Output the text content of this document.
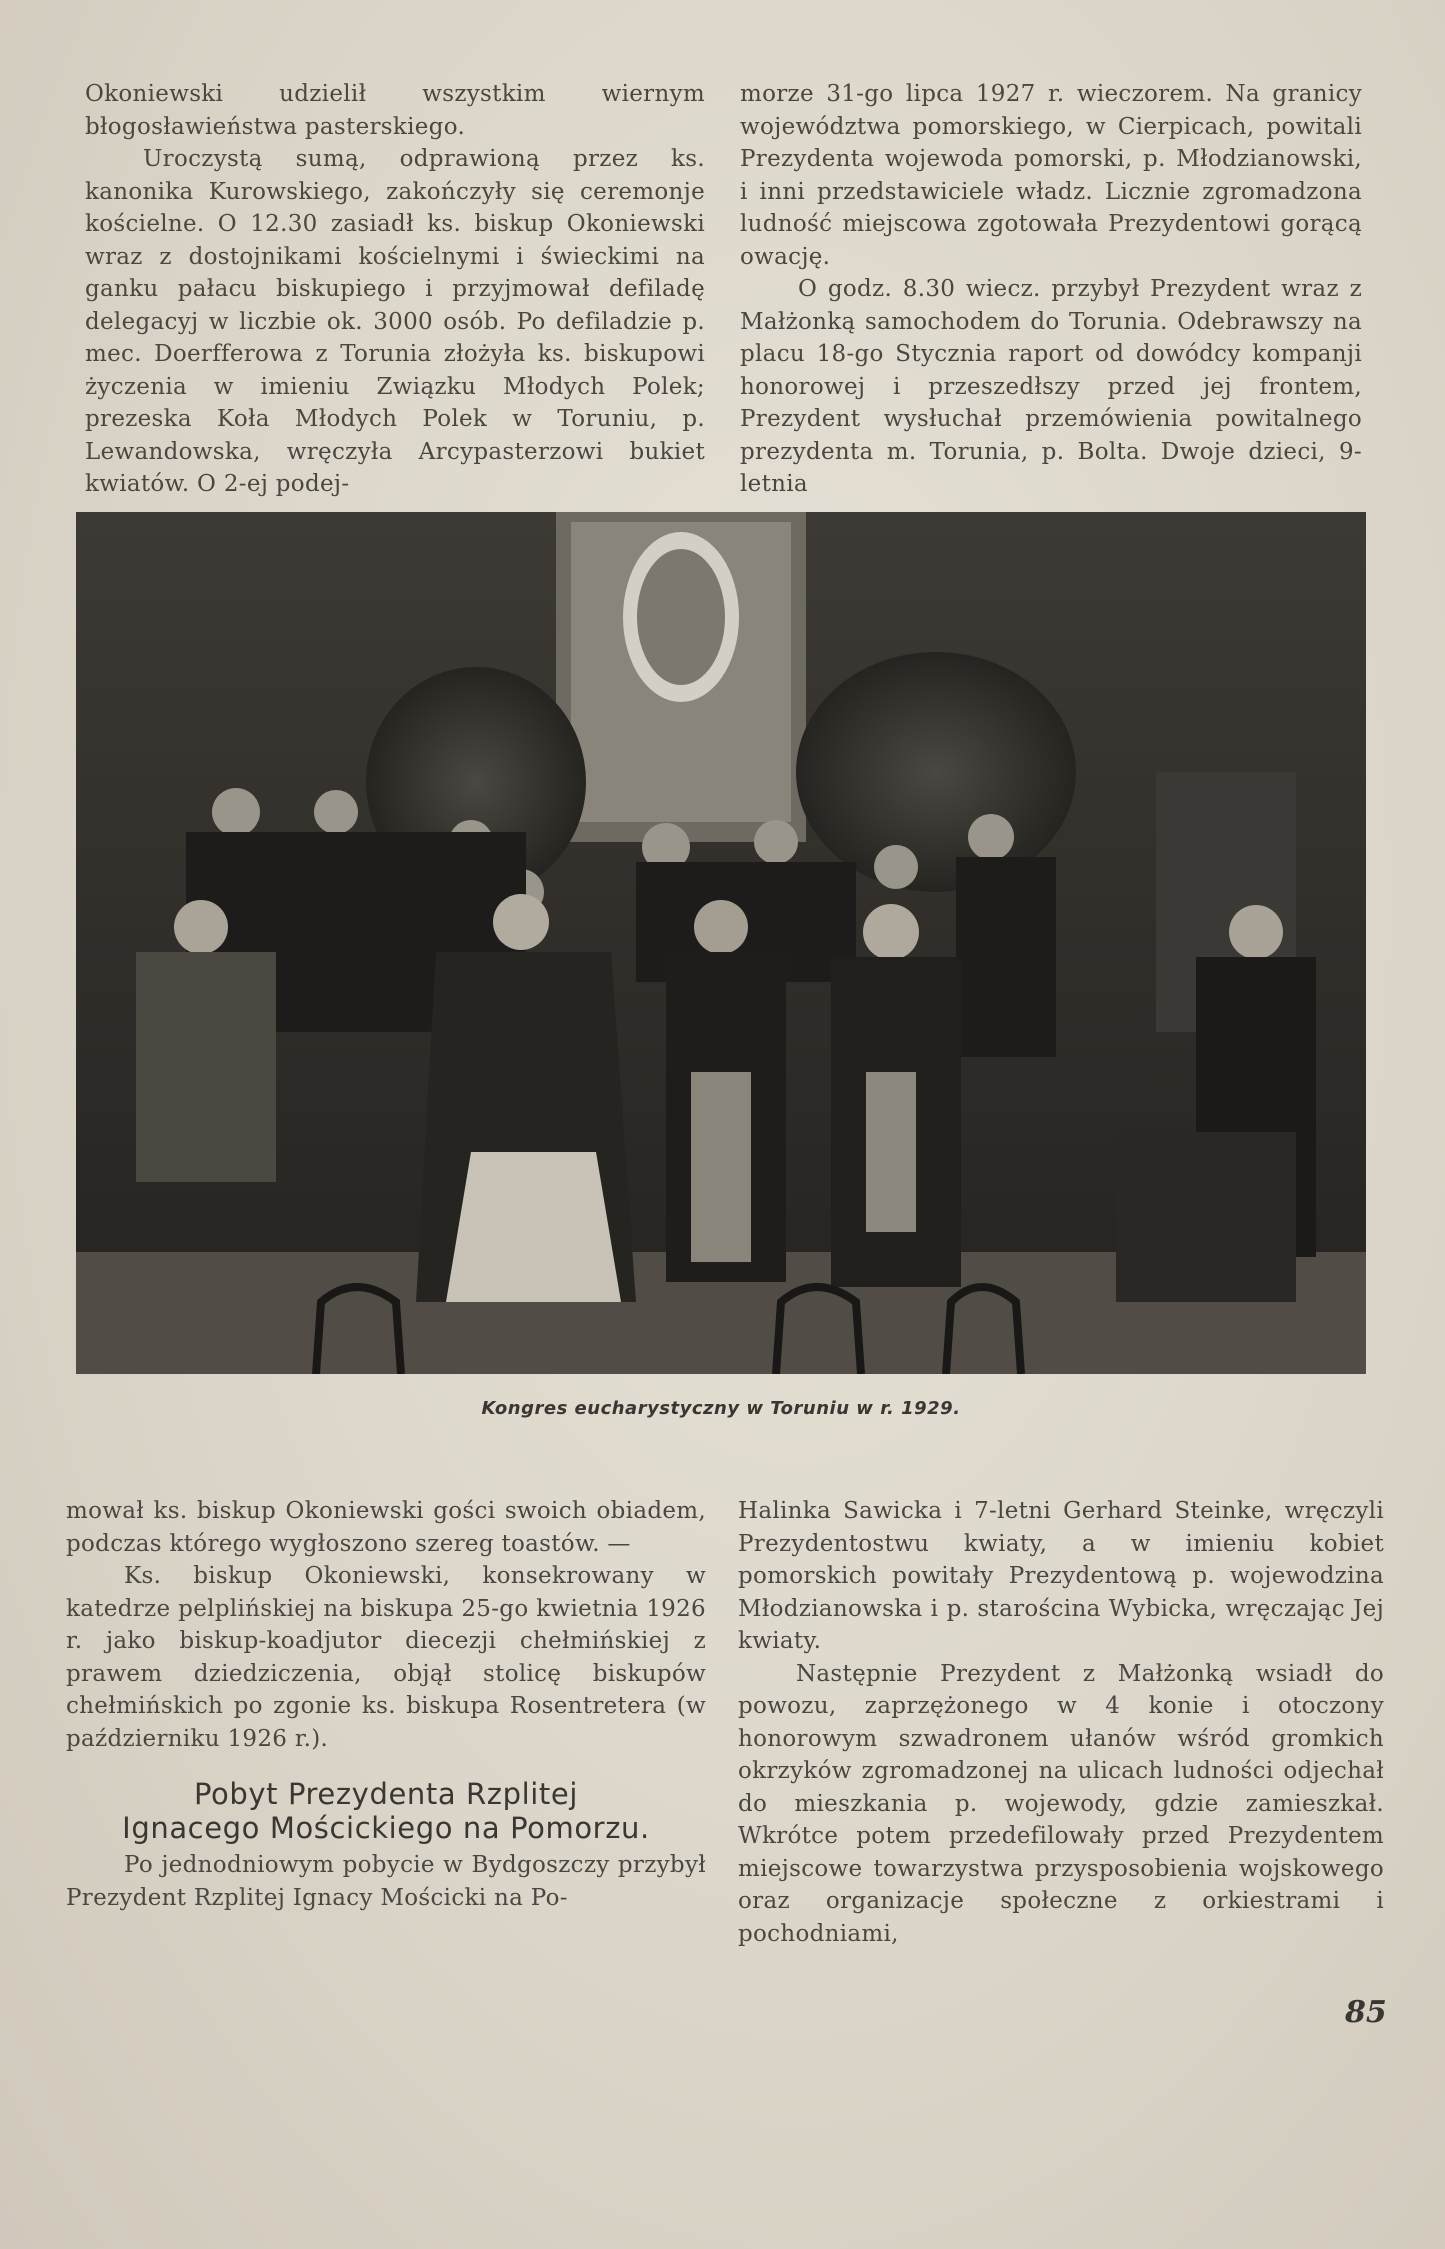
Okoniewski udzielił wszystkim wiernym błogosławieństwa pasterskiego.

Uroczystą sumą, odprawioną przez ks. kanonika Kurowskiego, zakończyły się ceremonje kościelne. O 12.30 zasiadł ks. biskup Okoniewski wraz z dostojnikami kościelnymi i świeckimi na ganku pałacu biskupiego i przyjmował defiladę delegacyj w liczbie ok. 3000 osób. Po defiladzie p. mec. Doerfferowa z Torunia złożyła ks. biskupowi życzenia w imieniu Związku Młodych Polek; prezeska Koła Młodych Polek w Toruniu, p. Lewandowska, wręczyła Arcypasterzowi bukiet kwiatów. O 2-ej podej-

morze 31-go lipca 1927 r. wieczorem. Na granicy województwa pomorskiego, w Cierpicach, powitali Prezydenta wojewoda pomorski, p. Młodzianowski, i inni przedstawiciele władz. Licznie zgromadzona ludność miejscowa zgotowała Prezydentowi gorącą owację.

O godz. 8.30 wiecz. przybył Prezydent wraz z Małżonką samochodem do Torunia. Odebrawszy na placu 18-go Stycznia raport od dowódcy kompanji honorowej i przeszedłszy przed jej frontem, Prezydent wysłuchał przemówienia powitalnego prezydenta m. Torunia, p. Bolta. Dwoje dzieci, 9-letnia

Kongres eucharystyczny w Toruniu w r. 1929.

mował ks. biskup Okoniewski gości swoich obiadem, podczas którego wygłoszono szereg toastów. —

Ks. biskup Okoniewski, konsekrowany w katedrze pelplińskiej na biskupa 25-go kwietnia 1926 r. jako biskup-koadjutor diecezji chełmińskiej z prawem dziedziczenia, objął stolicę biskupów chełmińskich po zgonie ks. biskupa Rosentretera (w październiku 1926 r.).

Pobyt Prezydenta Rzplitej
Ignacego Mościckiego na Pomorzu.

Po jednodniowym pobycie w Bydgoszczy przybył Prezydent Rzplitej Ignacy Mościcki na Po-

Halinka Sawicka i 7-letni Gerhard Steinke, wręczyli Prezydentostwu kwiaty, a w imieniu kobiet pomorskich powitały Prezydentową p. wojewodzina Młodzianowska i p. starościna Wybicka, wręczając Jej kwiaty.

Następnie Prezydent z Małżonką wsiadł do powozu, zaprzężonego w 4 konie i otoczony honorowym szwadronem ułanów wśród gromkich okrzyków zgromadzonej na ulicach ludności odjechał do mieszkania p. wojewody, gdzie zamieszkał. Wkrótce potem przedefilowały przed Prezydentem miejscowe towarzystwa przysposobienia wojskowego oraz organizacje społeczne z orkiestrami i pochodniami,

85
